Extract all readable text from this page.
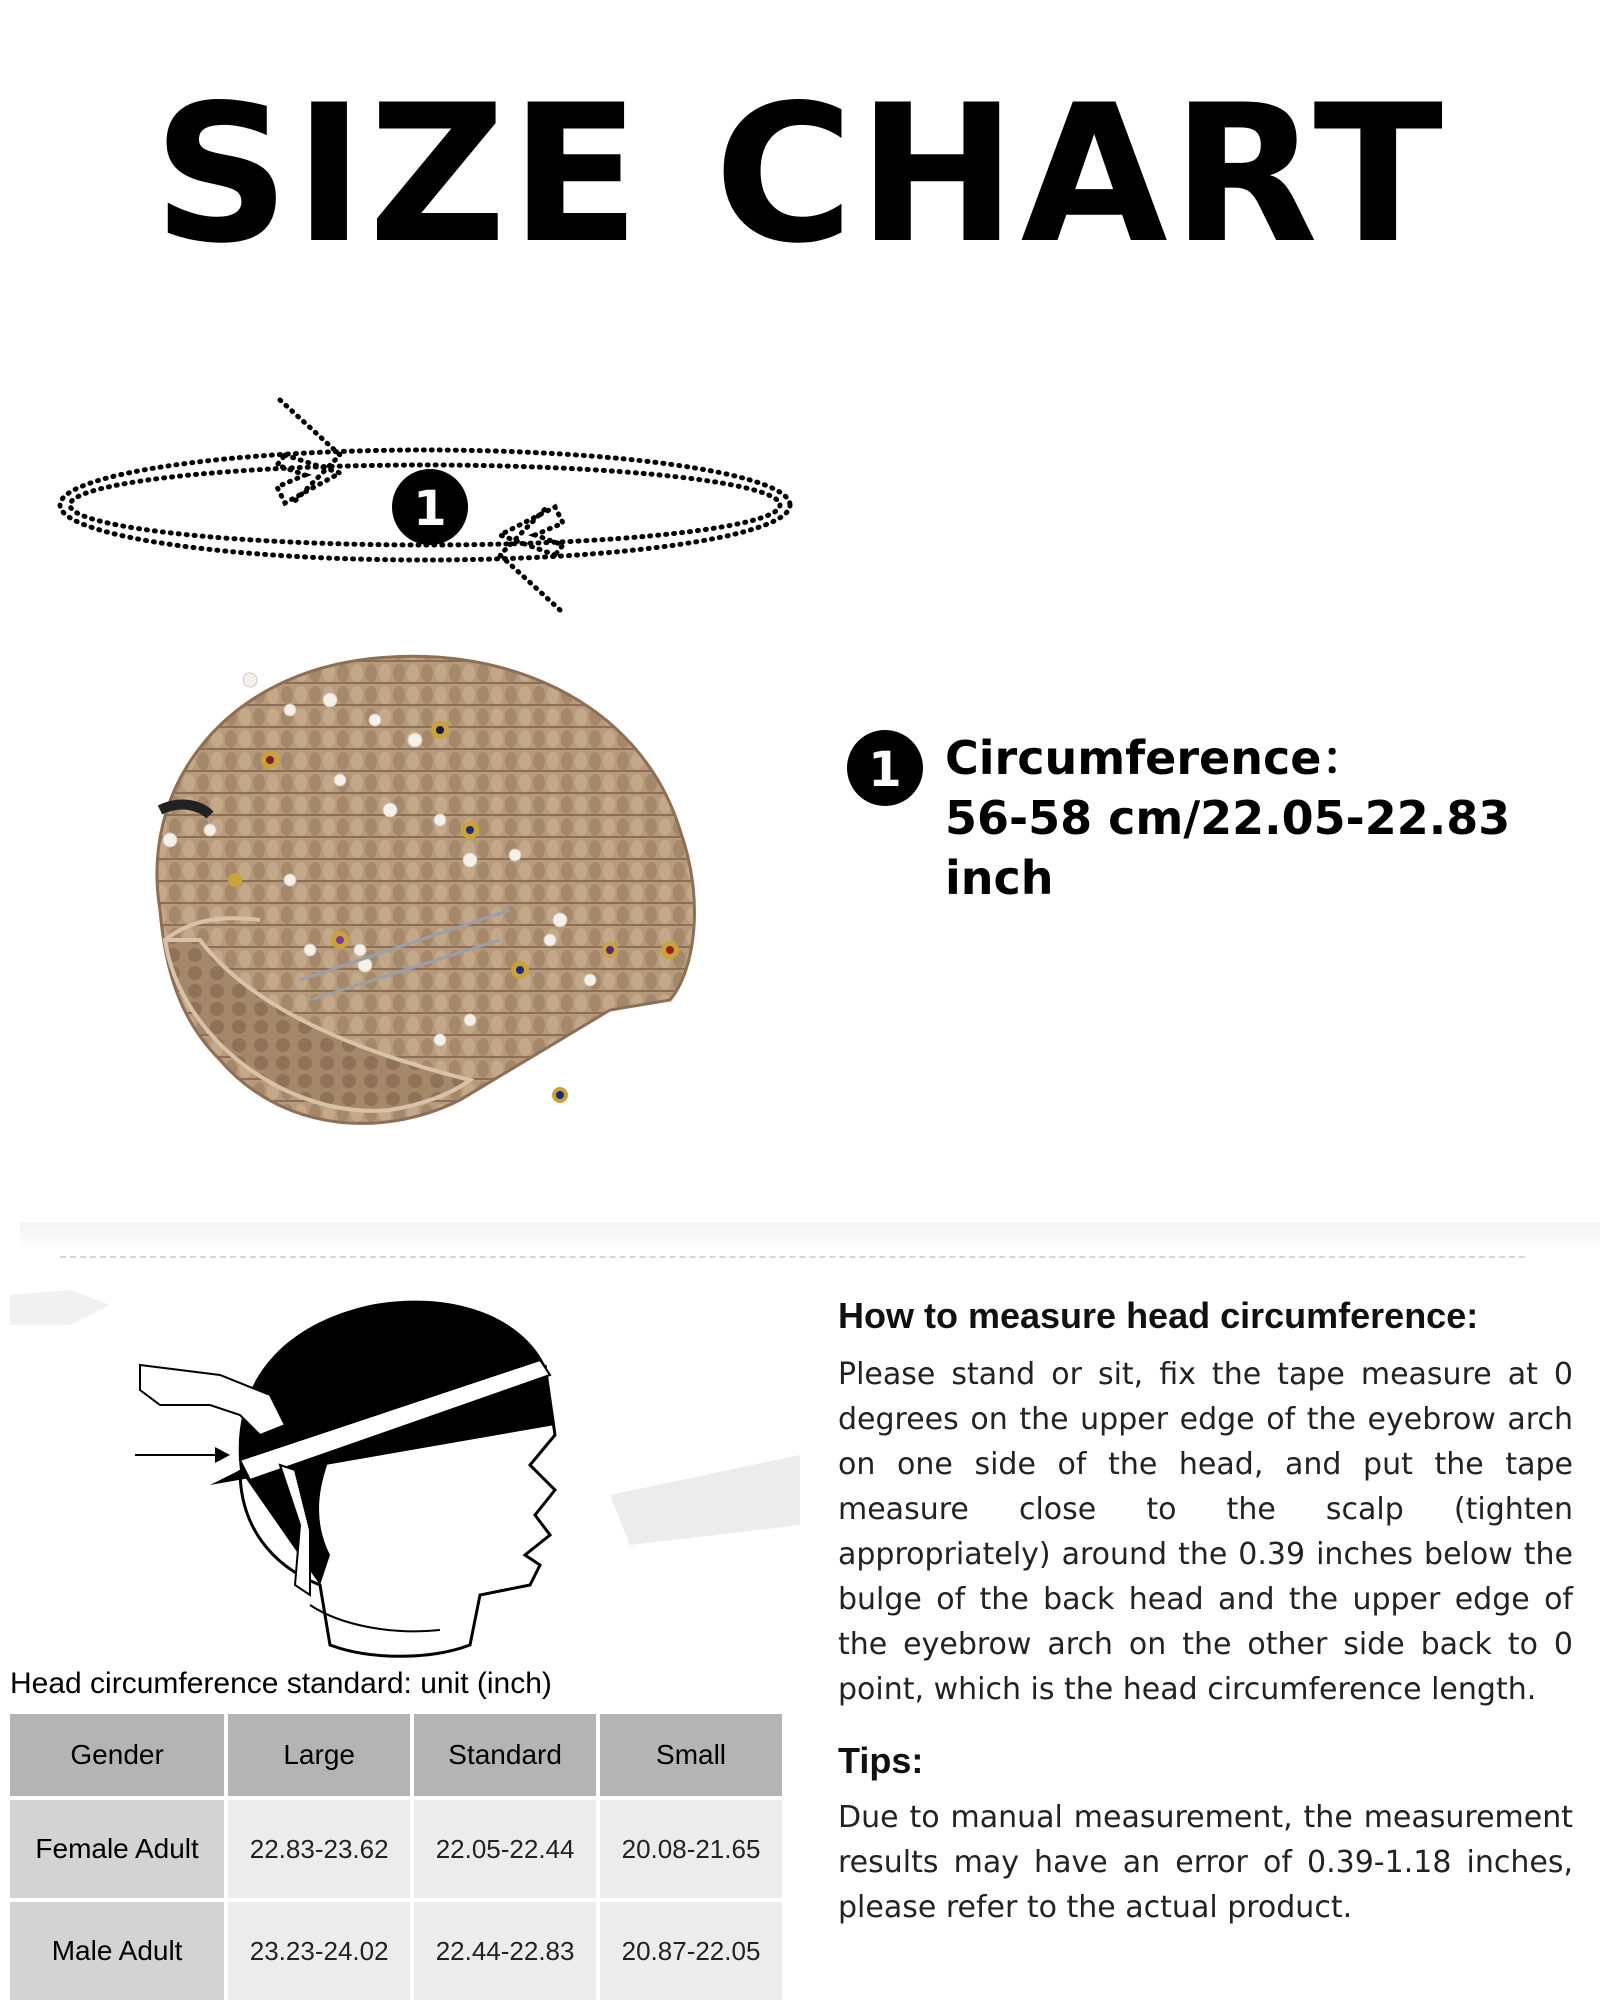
SIZE CHART
1
1 Circumference：
56-58 cm/22.05-22.83 inch
How to measure head circumference:
Please stand or sit, fix the tape measure at 0 degrees on the upper edge of the eyebrow arch on one side of the head, and put the tape measure close to the scalp (tighten appropriately) around the 0.39 inches below the bulge of the back head and the upper edge of the eyebrow arch on the other side back to 0 point, which is the head circumference length.
Tips:
Due to manual measurement, the measurement results may have an error of 0.39-1.18 inches, please refer to the actual product.
Head circumference standard: unit (inch)
Gender	Large	Standard	Small
Female Adult	22.83-23.62	22.05-22.44	20.08-21.65
Male Adult	23.23-24.02	22.44-22.83	20.87-22.05
